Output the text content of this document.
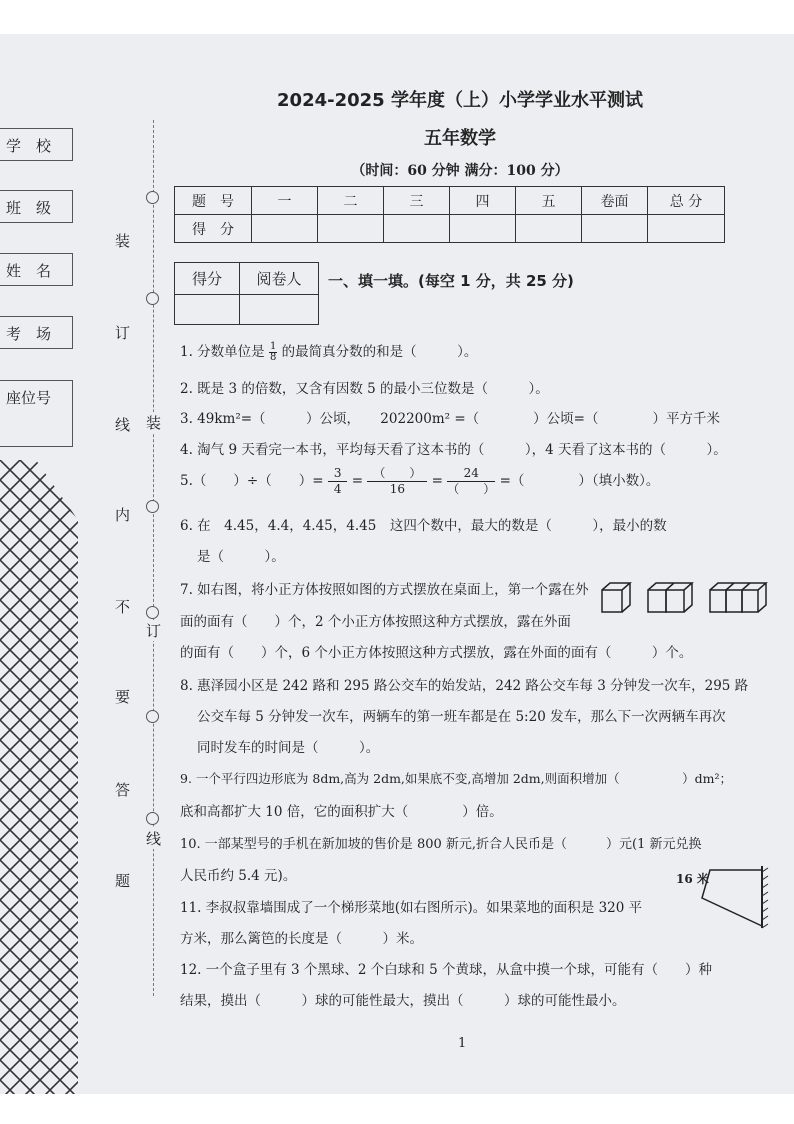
学　校
班　级
姓　名
考　场
座位号
装
订
线
内
不
要
答
题
装
订
线
2024-2025 学年度（上）小学学业水平测试
五年数学
（时间：60 分钟 满分：100 分）
题　号	一	二	三	四	五	卷面	总 分
得　分							
得分	阅卷人
	一、填一填。(每空 1 分，共 25 分)
1. 分数单位是 $\frac{1}{8}$ 的最简真分数的和是（　　　）。
2. 既是 3 的倍数，又含有因数 5 的最小三位数是（　　　）。
3. 49km²=（　　　）公顷，　　202200m² =（　　　　）公顷=（　　　　）平方千米
4. 淘气 9 天看完一本书，平均每天看了这本书的（　　　），4 天看了这本书的（　　　）。
5.（　　）÷（　　）= $\frac{3}{4}$ = （　　）
16	=	24
（　　） =（　　　　）（填小数）。
6. 在　4.45，4.4̇，4.45̇，4.4̇5̇　这四个数中，最大的数是（　　　），最小的数
是（　　　）。
7. 如右图，将小正方体按照如图的方式摆放在桌面上，第一个露在外
面的面有（　　）个，2 个小正方体按照这种方式摆放，露在外面
的面有（　　）个，6 个小正方体按照这种方式摆放，露在外面的面有（　　　）个。
8. 惠泽园小区是 242 路和 295 路公交车的始发站，242 路公交车每 3 分钟发一次车，295 路
公交车每 5 分钟发一次车，两辆车的第一班车都是在 5:20 发车，那么下一次两辆车再次
同时发车的时间是（　　　）。
9. 一个平行四边形底为 8dm,高为 2dm,如果底不变,高增加 2dm,则面积增加（　　　　　）dm²；
底和高都扩大 10 倍，它的面积扩大（　　　　）倍。
10. 一部某型号的手机在新加坡的售价是 800 新元,折合人民币是（　　　）元(1 新元兑换
人民币约 5.4 元)。
11. 李叔叔靠墙围成了一个梯形菜地(如右图所示)。如果菜地的面积是 320 平
方米，那么篱笆的长度是（　　　）米。
16 米
12. 一个盒子里有 3 个黑球、2 个白球和 5 个黄球，从盒中摸一个球，可能有（　　）种
结果，摸出（　　　）球的可能性最大，摸出（　　　）球的可能性最小。
1
